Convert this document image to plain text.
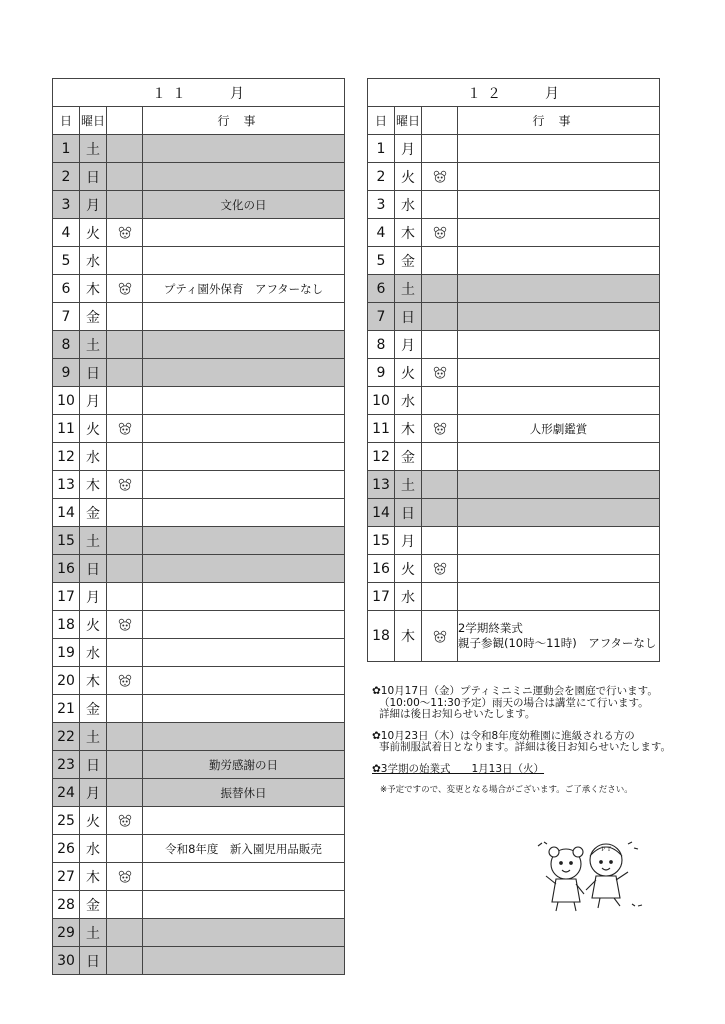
１１ 月			
日	曜日		行事
1	土		
2	日		
3	月		文化の日
4	火		
5	水		
6	木		プティ園外保育　アフターなし
7	金		
8	土		
9	日		
10	月		
11	火		
12	水		
13	木		
14	金		
15	土		
16	日		
17	月		
18	火		
19	水		
20	木		
21	金		
22	土		
23	日		勤労感謝の日
24	月		振替休日
25	火		
26	水		令和8年度　新入園児用品販売
27	木		
28	金		
29	土		
30	日		
１２ 月			
日	曜日		行事
1	月		
2	火		
3	水		
4	木		
5	金		
6	土		
7	日		
8	月		
9	火		
10	水		
11	木		人形劇鑑賞
12	金		
13	土		
14	日		
15	月		
16	火		
17	水		
18	木		2学期終業式
親子参観(10時～11時)　アフターなし

✿10月17日（金）プティミニミニ運動会を園庭で行います。

（10:00～11:30予定）雨天の場合は講堂にて行います。

詳細は後日お知らせいたします。

✿10月23日（木）は令和8年度幼稚園に進級される方の

事前制服試着日となります。詳細は後日お知らせいたします。

✿3学期の始業式　　1月13日（火）

※予定ですので、変更となる場合がございます。ご了承ください。

ＰＴ
